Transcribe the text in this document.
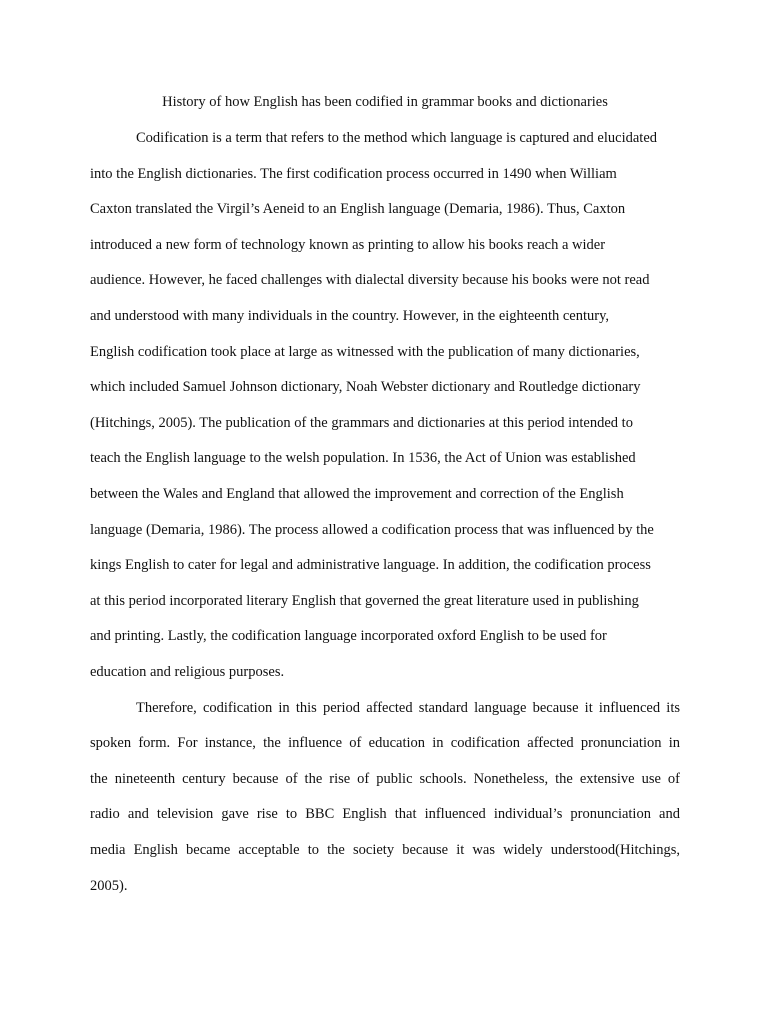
History of how English has been codified in grammar books and dictionaries
Codification is a term that refers to the method which language is captured and elucidated
into the English dictionaries. The first codification process occurred in 1490 when William
Caxton translated the Virgil’s Aeneid to an English language (Demaria, 1986). Thus, Caxton
introduced a new form of technology known as printing to allow his books reach a wider
audience. However, he faced challenges with dialectal diversity because his books were not read
and understood with many individuals in the country. However, in the eighteenth century,
English codification took place at large as witnessed with the publication of many dictionaries,
which included Samuel Johnson dictionary, Noah Webster dictionary and Routledge dictionary
(Hitchings, 2005). The publication of the grammars and dictionaries at this period intended to
teach the English language to the welsh population. In 1536, the Act of Union was established
between the Wales and England that allowed the improvement and correction of the English
language (Demaria, 1986). The process allowed a codification process that was influenced by the
kings English to cater for legal and administrative language. In addition, the codification process
at this period incorporated literary English that governed the great literature used in publishing
and printing. Lastly, the codification language incorporated oxford English to be used for
education and religious purposes.
Therefore, codification in this period affected standard language because it influenced its
spoken form. For instance, the influence of education in codification affected pronunciation in
the nineteenth century because of the rise of public schools. Nonetheless, the extensive use of
radio and television gave rise to BBC English that influenced individual’s pronunciation and
media English became acceptable to the society because it was widely understood(Hitchings,
2005).
